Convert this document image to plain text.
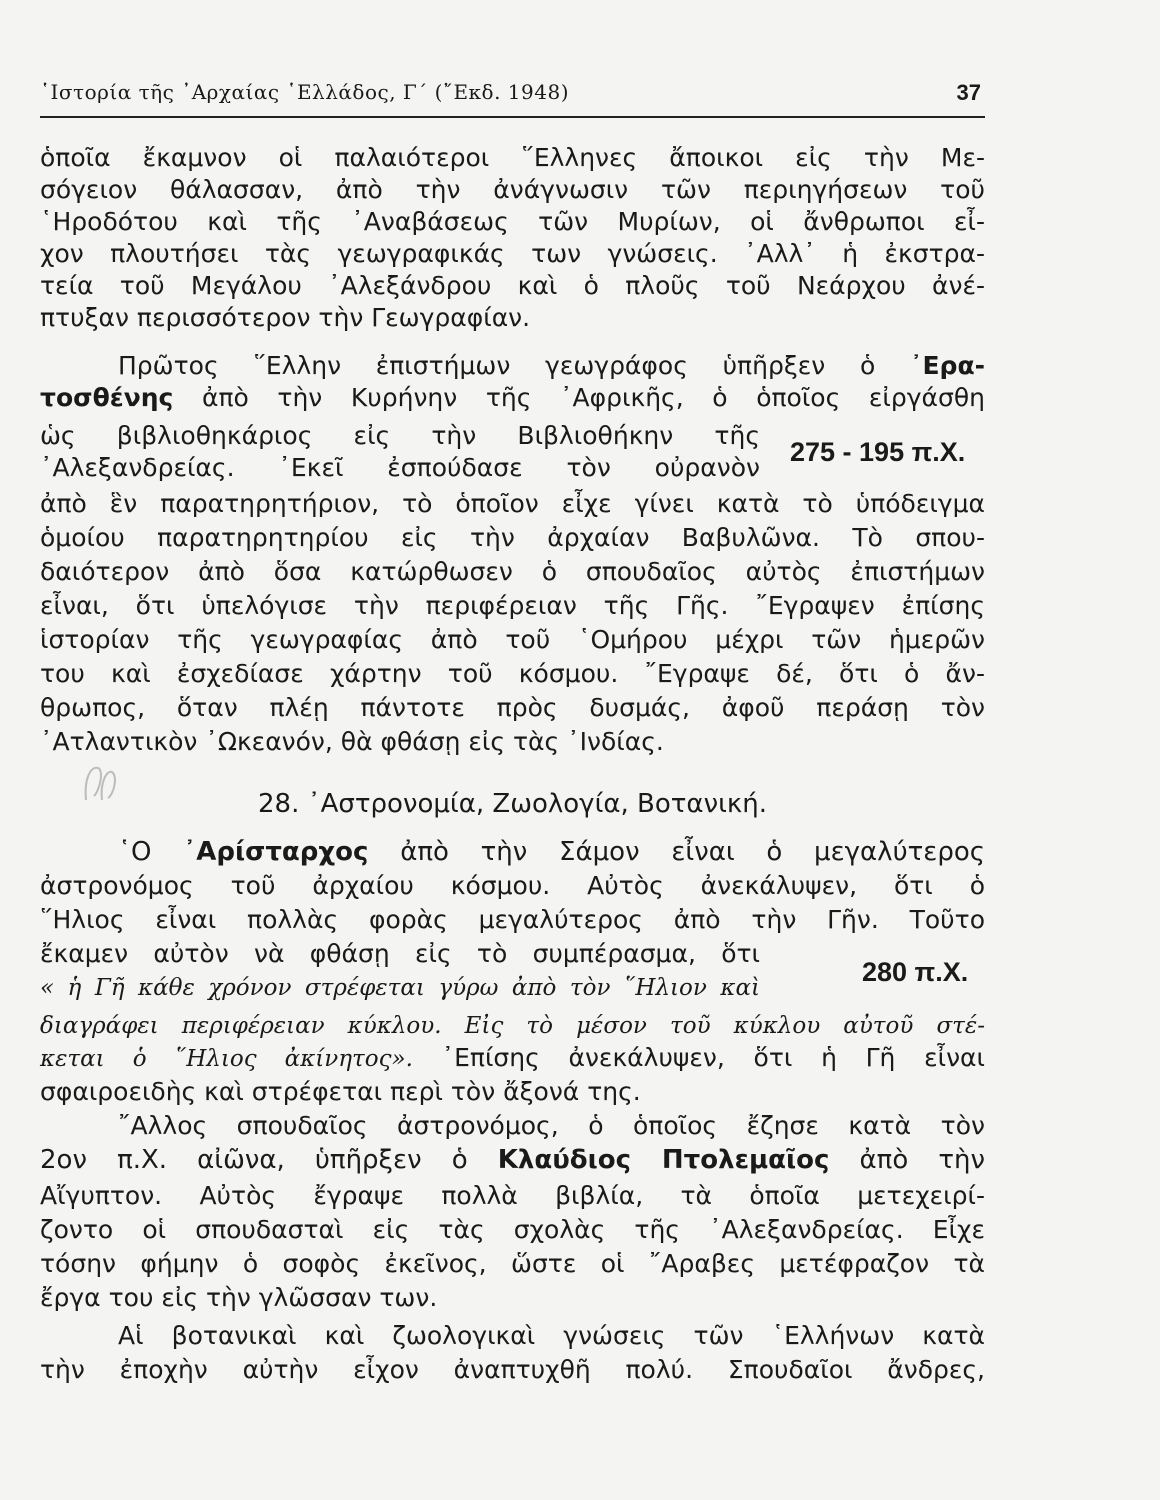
῾Ιστορία τῆς ᾿Αρχαίας ῾Ελλάδος, Γ΄ (῎Εκδ. 1948)	37
ὁποῖα ἔκαμνον οἱ παλαιότεροι ῞Ελληνες ἄποικοι εἰς τὴν Με-
σόγειον θάλασσαν, ἀπὸ τὴν ἀνάγνωσιν τῶν περιηγήσεων τοῦ
῾Ηροδότου καὶ τῆς ᾿Αναβάσεως τῶν Μυρίων, οἱ ἄνθρωποι εἶ-
χον πλουτήσει τὰς γεωγραφικάς των γνώσεις. ᾿Αλλ᾿ ἡ ἐκστρα-
τεία τοῦ Μεγάλου ᾿Αλεξάνδρου καὶ ὁ πλοῦς τοῦ Νεάρχου ἀνέ-
πτυξαν περισσότερον τὴν Γεωγραφίαν.
Πρῶτος ῞Ελλην ἐπιστήμων γεωγράφος ὑπῆρξεν ὁ ᾿Ερα-
τοσθένης ἀπὸ τὴν Κυρήνην τῆς ᾿Αφρικῆς, ὁ ὁποῖος εἰργάσθη
ὡς βιβλιοθηκάριος εἰς τὴν Βιβλιοθήκην τῆς
᾿Αλεξανδρείας. ᾿Εκεῖ ἐσπούδασε τὸν οὐρανὸν
275 - 195 π.Χ.
ἀπὸ ἓν παρατηρητήριον, τὸ ὁποῖον εἶχε γίνει κατὰ τὸ ὑπόδειγμα
ὁμοίου παρατηρητηρίου εἰς τὴν ἀρχαίαν Βαβυλῶνα. Τὸ σπου-
δαιότερον ἀπὸ ὅσα κατώρθωσεν ὁ σπουδαῖος αὐτὸς ἐπιστήμων
εἶναι, ὅτι ὑπελόγισε τὴν περιφέρειαν τῆς Γῆς. ῎Εγραψεν ἐπίσης
ἱστορίαν τῆς γεωγραφίας ἀπὸ τοῦ ῾Ομήρου μέχρι τῶν ἡμερῶν
του καὶ ἐσχεδίασε χάρτην τοῦ κόσμου. ῎Εγραψε δέ, ὅτι ὁ ἄν-
θρωπος, ὅταν πλέῃ πάντοτε πρὸς δυσμάς, ἀφοῦ περάσῃ τὸν
᾿Ατλαντικὸν ᾿Ωκεανόν, θὰ φθάσῃ εἰς τὰς ᾿Ινδίας.
28. ᾿Αστρονομία, Ζωολογία, Βοτανική.
῾Ο ᾿Αρίσταρχος ἀπὸ τὴν Σάμον εἶναι ὁ μεγαλύτερος
ἀστρονόμος τοῦ ἀρχαίου κόσμου. Αὐτὸς ἀνεκάλυψεν, ὅτι ὁ
῞Ηλιος εἶναι πολλὰς φορὰς μεγαλύτερος ἀπὸ τὴν Γῆν. Τοῦτο
ἔκαμεν αὐτὸν νὰ φθάσῃ εἰς τὸ συμπέρασμα, ὅτι
280 π.Χ.
« ἡ Γῆ κάθε χρόνον στρέφεται γύρω ἀπὸ τὸν ῞Ηλιον καὶ
διαγράφει περιφέρειαν κύκλου. Εἰς τὸ μέσον τοῦ κύκλου αὐτοῦ στέ-
κεται ὁ ῞Ηλιος ἀκίνητος». ᾿Επίσης ἀνεκάλυψεν, ὅτι ἡ Γῆ εἶναι
σφαιροειδὴς καὶ στρέφεται περὶ τὸν ἄξονά της.
῎Αλλος σπουδαῖος ἀστρονόμος, ὁ ὁποῖος ἔζησε κατὰ τὸν
2ον π.Χ. αἰῶνα, ὑπῆρξεν ὁ Κλαύδιος Πτολεμαῖος ἀπὸ τὴν
Αἴγυπτον. Αὐτὸς ἔγραψε πολλὰ βιβλία, τὰ ὁποῖα μετεχειρί-
ζοντο οἱ σπουδασταὶ εἰς τὰς σχολὰς τῆς ᾿Αλεξανδρείας. Εἶχε
τόσην φήμην ὁ σοφὸς ἐκεῖνος, ὥστε οἱ ῎Αραβες μετέφραζον τὰ
ἔργα του εἰς τὴν γλῶσσαν των.
Αἱ βοτανικαὶ καὶ ζωολογικαὶ γνώσεις τῶν ῾Ελλήνων κατὰ
τὴν ἐποχὴν αὐτὴν εἶχον ἀναπτυχθῆ πολύ. Σπουδαῖοι ἄνδρες,
